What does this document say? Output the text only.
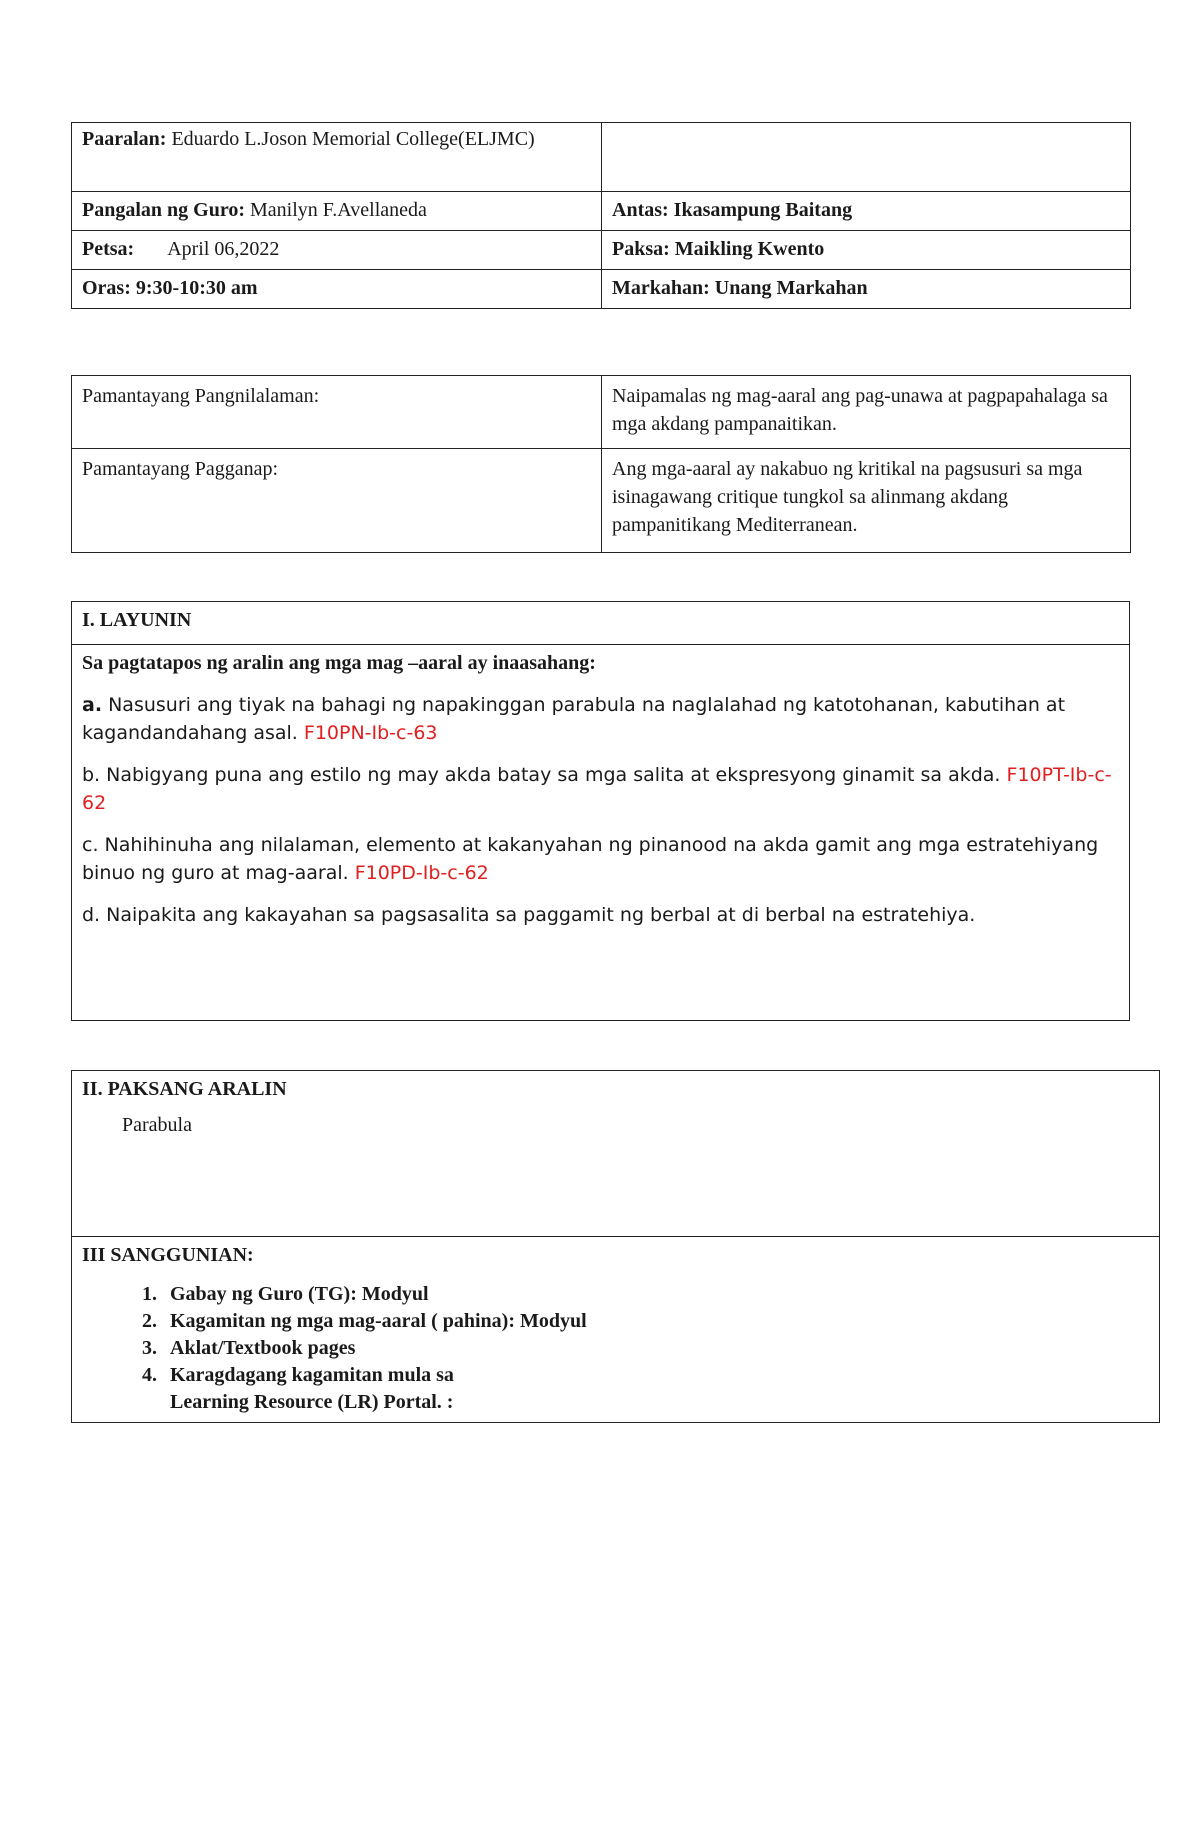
Paaralan: Eduardo L.Joson Memorial College(ELJMC)	
Pangalan ng Guro: Manilyn F.Avellaneda	Antas: Ikasampung Baitang
Petsa: April 06,2022	Paksa: Maikling Kwento
Oras: 9:30-10:30 am	Markahan: Unang Markahan
Pamantayang Pangnilalaman:	Naipamalas ng mag-aaral ang pag-unawa at pagpapahalaga sa mga akdang pampanaitikan.
Pamantayang Pagganap:	Ang mga-aaral ay nakabuo ng kritikal na pagsusuri sa mga isinagawang critique tungkol sa alinmang akdang pampanitikang Mediterranean.
I. LAYUNIN

Sa pagtatapos ng aralin ang mga mag –aaral ay inaasahang:

a. Nasusuri ang tiyak na bahagi ng napakinggan parabula na naglalahad ng katotohanan, kabutihan at kagandandahang asal. F10PN-Ib-c-63

b. Nabigyang puna ang estilo ng may akda batay sa mga salita at ekspresyong ginamit sa akda. F10PT-Ib-c-62

c. Nahihinuha ang nilalaman, elemento at kakanyahan ng pinanood na akda gamit ang mga estratehiyang binuo ng guro at mag-aaral. F10PD-Ib-c-62

d. Naipakita ang kakayahan sa pagsasalita sa paggamit ng berbal at di berbal na estratehiya.

II. PAKSANG ARALIN
Parabula

III SANGGUNIAN:
1. Gabay ng Guro (TG): Modyul
2. Kagamitan ng mga mag-aaral ( pahina): Modyul
3. Aklat/Textbook pages
4. Karagdagang kagamitan mula sa
Learning Resource (LR) Portal. :
